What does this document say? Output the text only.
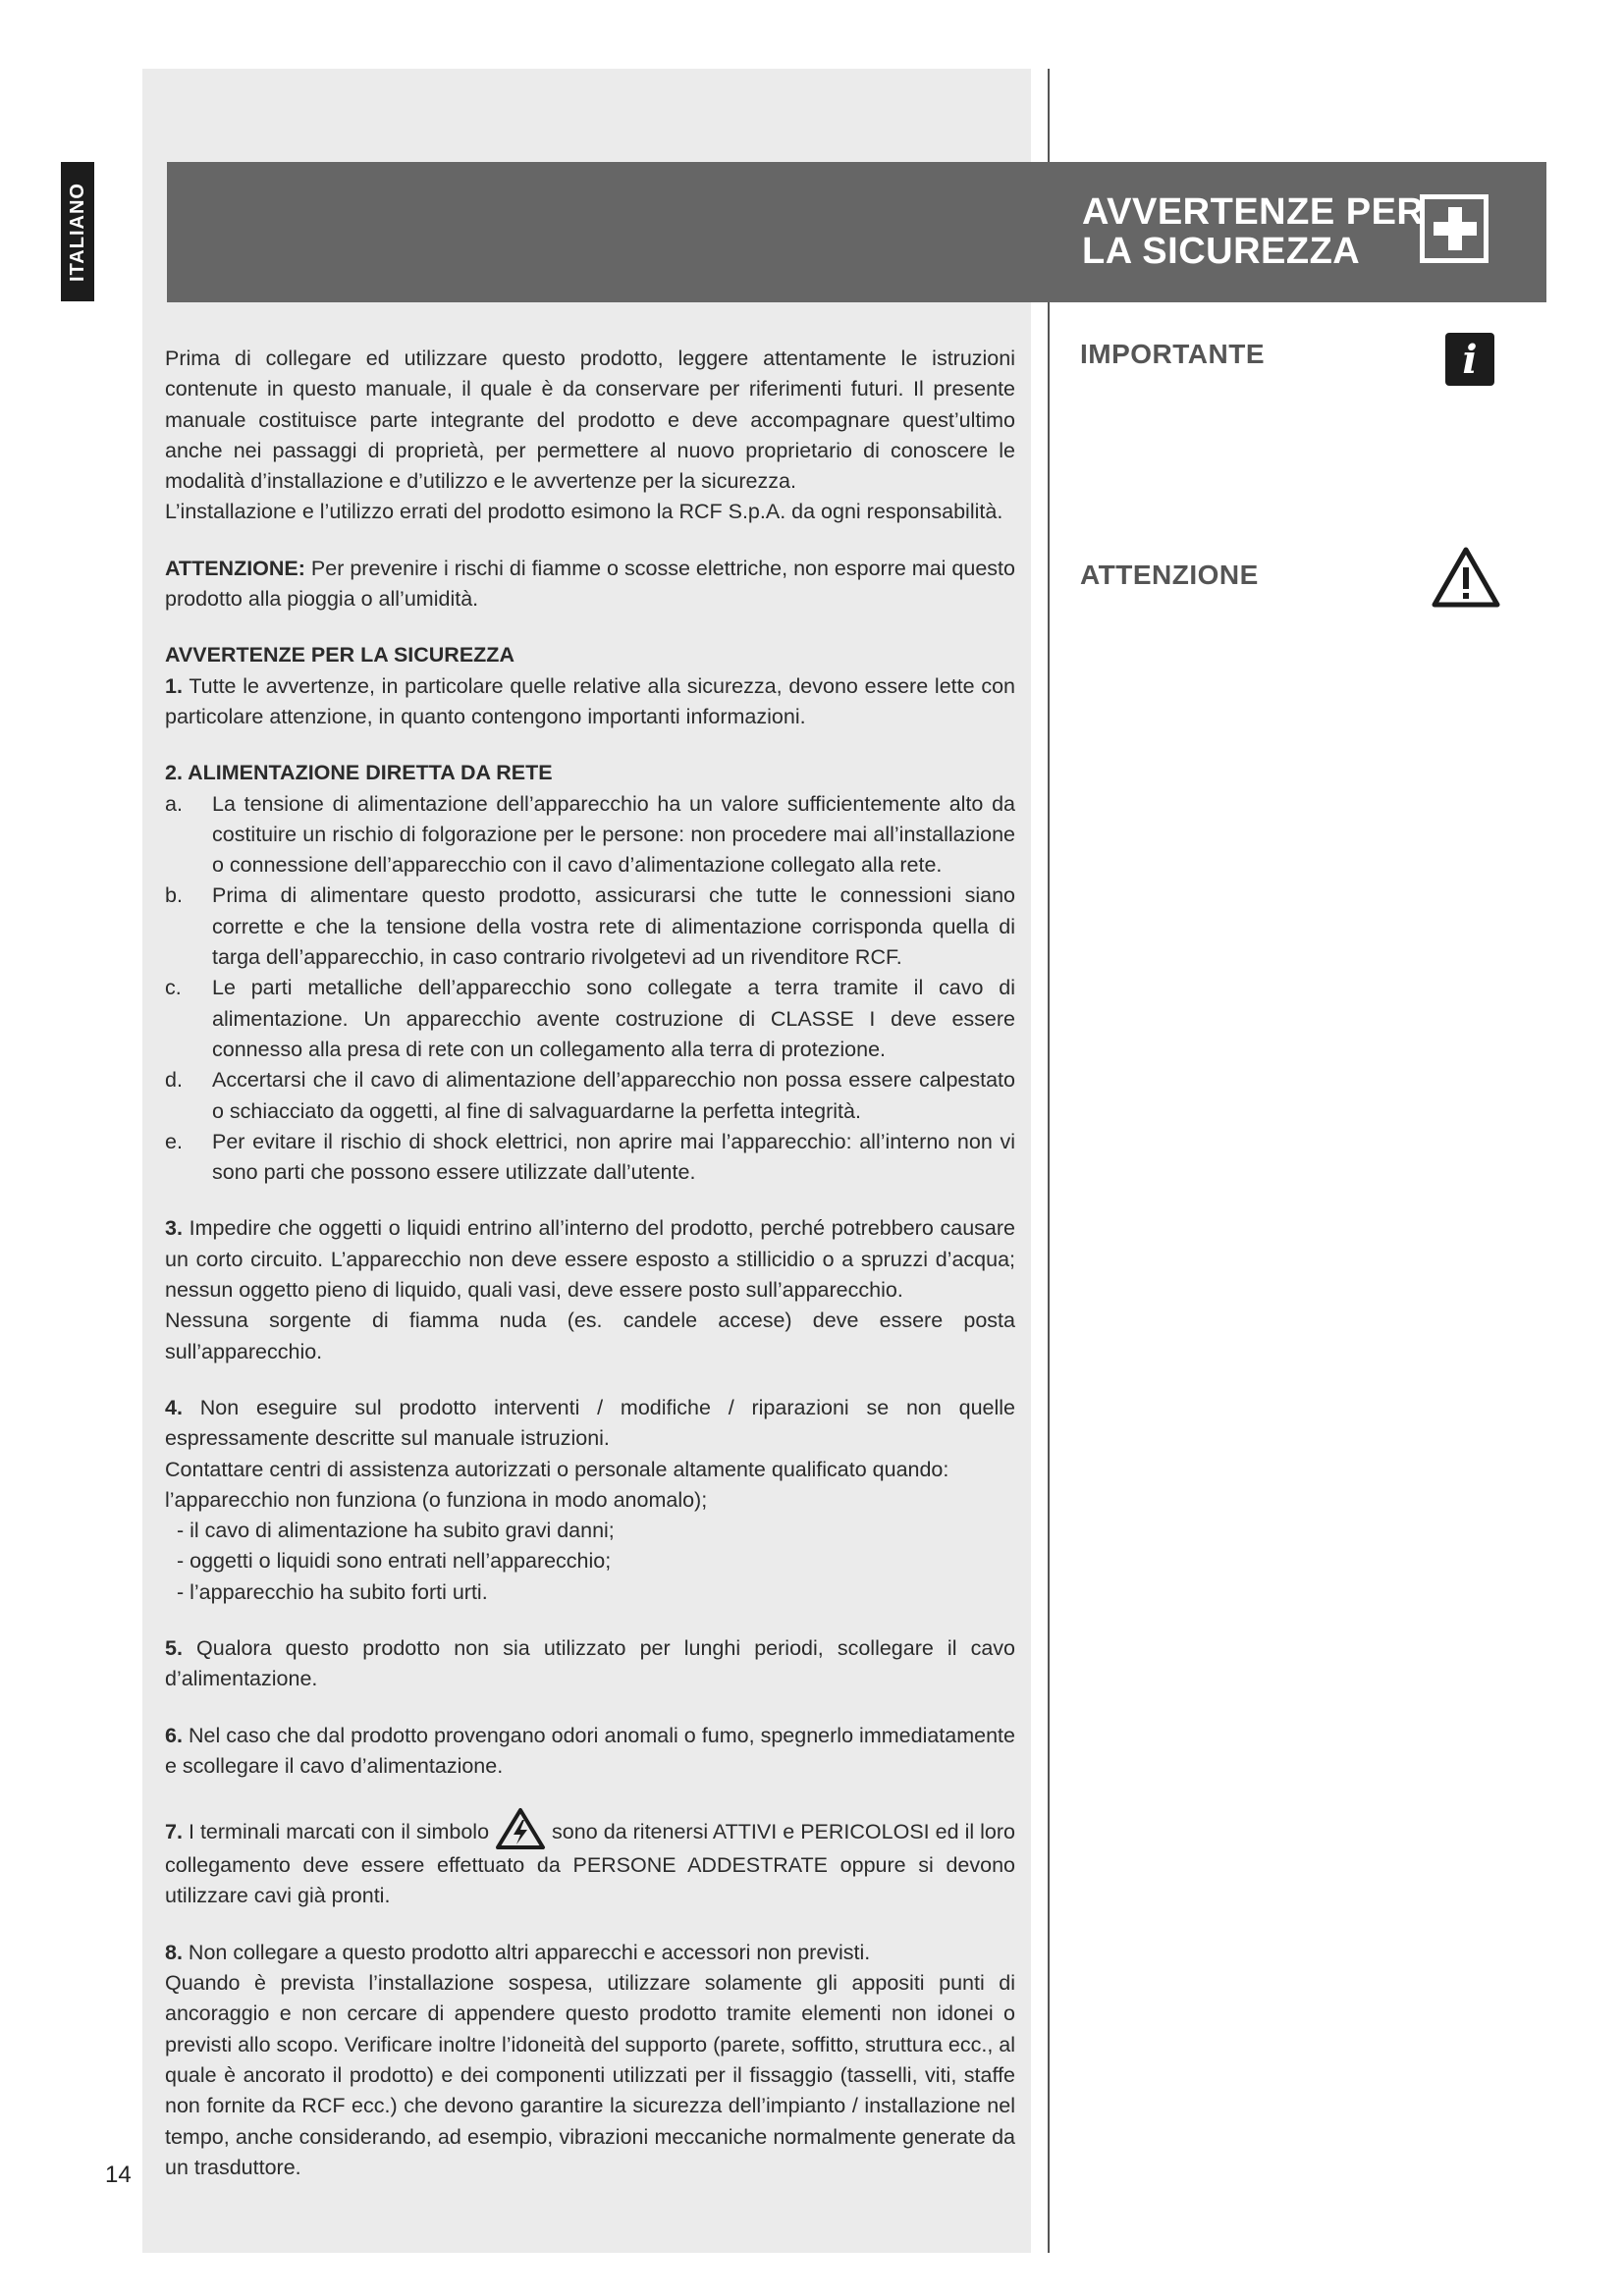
ITALIANO	AVVERTENZE PER
LA SICUREZZA
IMPORTANTE	i
ATTENZIONE

Prima di collegare ed utilizzare questo prodotto, leggere attentamente le istruzioni contenute in questo manuale, il quale è da conservare per riferimenti futuri. Il presente manuale costituisce parte integrante del prodotto e deve accompagnare quest’ultimo anche nei passaggi di proprietà, per permettere al nuovo proprietario di conoscere le modalità d’installazione e d’utilizzo e le avvertenze per la sicurezza.

L’installazione e l’utilizzo errati del prodotto esimono la RCF S.p.A. da ogni responsabilità.

ATTENZIONE: Per prevenire i rischi di fiamme o scosse elettriche, non esporre mai questo prodotto alla pioggia o all’umidità.

AVVERTENZE PER LA SICUREZZA

1. Tutte le avvertenze, in particolare quelle relative alla sicurezza, devono essere lette con particolare attenzione, in quanto contengono importanti informazioni.

2. ALIMENTAZIONE DIRETTA DA RETE

a.	La tensione di alimentazione dell’apparecchio ha un valore sufficientemente alto da costituire un rischio di folgorazione per le persone: non procedere mai all’installazione o connessione dell’apparecchio con il cavo d’alimentazione collegato alla rete.
b.	Prima di alimentare questo prodotto, assicurarsi che tutte le connessioni siano corrette e che la tensione della vostra rete di alimentazione corrisponda quella di targa dell’apparecchio, in caso contrario rivolgetevi ad un rivenditore RCF.
c.	Le parti metalliche dell’apparecchio sono collegate a terra tramite il cavo di alimentazione. Un apparecchio avente costruzione di CLASSE I deve essere connesso alla presa di rete con un collegamento alla terra di protezione.
d.	Accertarsi che il cavo di alimentazione dell’apparecchio non possa essere calpestato o schiacciato da oggetti, al fine di salvaguardarne la perfetta integrità.
e.	Per evitare il rischio di shock elettrici, non aprire mai l’apparecchio: all’interno non vi sono parti che possono essere utilizzate dall’utente.

3. Impedire che oggetti o liquidi entrino all’interno del prodotto, perché potrebbero causare un corto circuito. L’apparecchio non deve essere esposto a stillicidio o a spruzzi d’acqua; nessun oggetto pieno di liquido, quali vasi, deve essere posto sull’apparecchio.

Nessuna sorgente di fiamma nuda (es. candele accese) deve essere posta sull’apparecchio.

4. Non eseguire sul prodotto interventi / modifiche / riparazioni se non quelle espressamente descritte sul manuale istruzioni.

Contattare centri di assistenza autorizzati o personale altamente qualificato quando:

l’apparecchio non funziona (o funziona in modo anomalo);

- il cavo di alimentazione ha subito gravi danni;

- oggetti o liquidi sono entrati nell’apparecchio;

- l’apparecchio ha subito forti urti.

5. Qualora questo prodotto non sia utilizzato per lunghi periodi, scollegare il cavo d’alimentazione.

6. Nel caso che dal prodotto provengano odori anomali o fumo, spegnerlo immediatamente e scollegare il cavo d’alimentazione.

7. I terminali marcati con il simbolo  sono da ritenersi ATTIVI e PERICOLOSI ed il loro collegamento deve essere effettuato da PERSONE ADDESTRATE oppure si devono utilizzare cavi già pronti.

8. Non collegare a questo prodotto altri apparecchi e accessori non previsti.

Quando è prevista l’installazione sospesa, utilizzare solamente gli appositi punti di ancoraggio e non cercare di appendere questo prodotto tramite elementi non idonei o previsti allo scopo. Verificare inoltre l’idoneità del supporto (parete, soffitto, struttura ecc., al quale è ancorato il prodotto) e dei componenti utilizzati per il fissaggio (tasselli, viti, staffe non fornite da RCF ecc.) che devono garantire la sicurezza dell’impianto / installazione nel tempo, anche considerando, ad esempio, vibrazioni meccaniche normalmente generate da un trasduttore.

14
